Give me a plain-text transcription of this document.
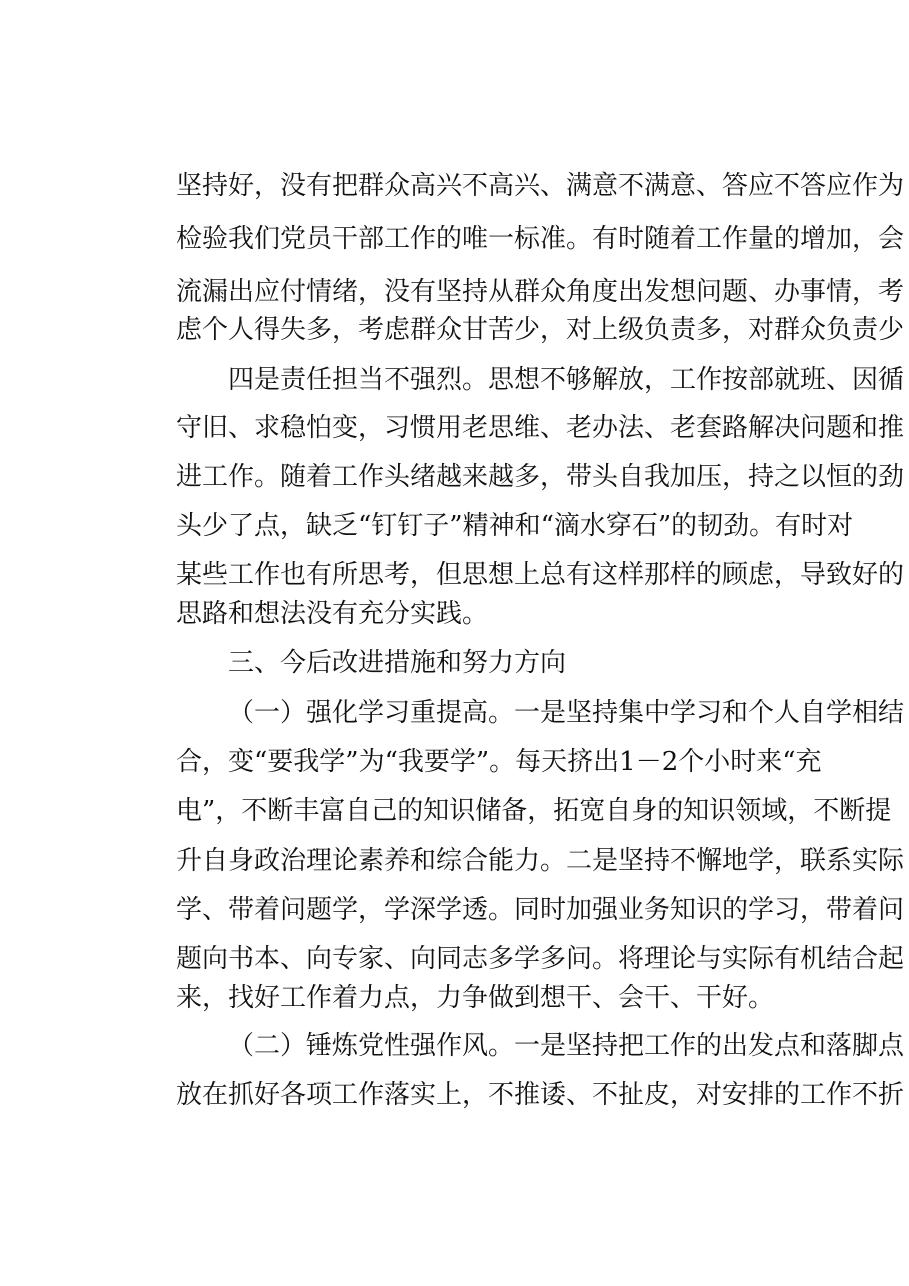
坚持好，没有把群众高兴不高兴、满意不满意、答应不答应作为
检验我们党员干部工作的唯一标准。有时随着工作量的增加，会
流漏出应付情绪，没有坚持从群众角度出发想问题、办事情，考
虑个人得失多，考虑群众甘苦少，对上级负责多，对群众负责少
四是责任担当不强烈。思想不够解放，工作按部就班、因循
守旧、求稳怕变，习惯用老思维、老办法、老套路解决问题和推
进工作。随着工作头绪越来越多，带头自我加压，持之以恒的劲
头少了点，缺乏“钉钉子”精神和“滴水穿石”的韧劲。有时对
某些工作也有所思考，但思想上总有这样那样的顾虑，导致好的
思路和想法没有充分实践。
三、今后改进措施和努力方向
（一）强化学习重提高。一是坚持集中学习和个人自学相结
合，变“要我学”为“我要学”。每天挤出1－2个小时来“充
电”，不断丰富自己的知识储备，拓宽自身的知识领域，不断提
升自身政治理论素养和综合能力。二是坚持不懈地学，联系实际
学、带着问题学，学深学透。同时加强业务知识的学习，带着问
题向书本、向专家、向同志多学多问。将理论与实际有机结合起
来，找好工作着力点，力争做到想干、会干、干好。
（二）锤炼党性强作风。一是坚持把工作的出发点和落脚点
放在抓好各项工作落实上，不推诿、不扯皮，对安排的工作不折
